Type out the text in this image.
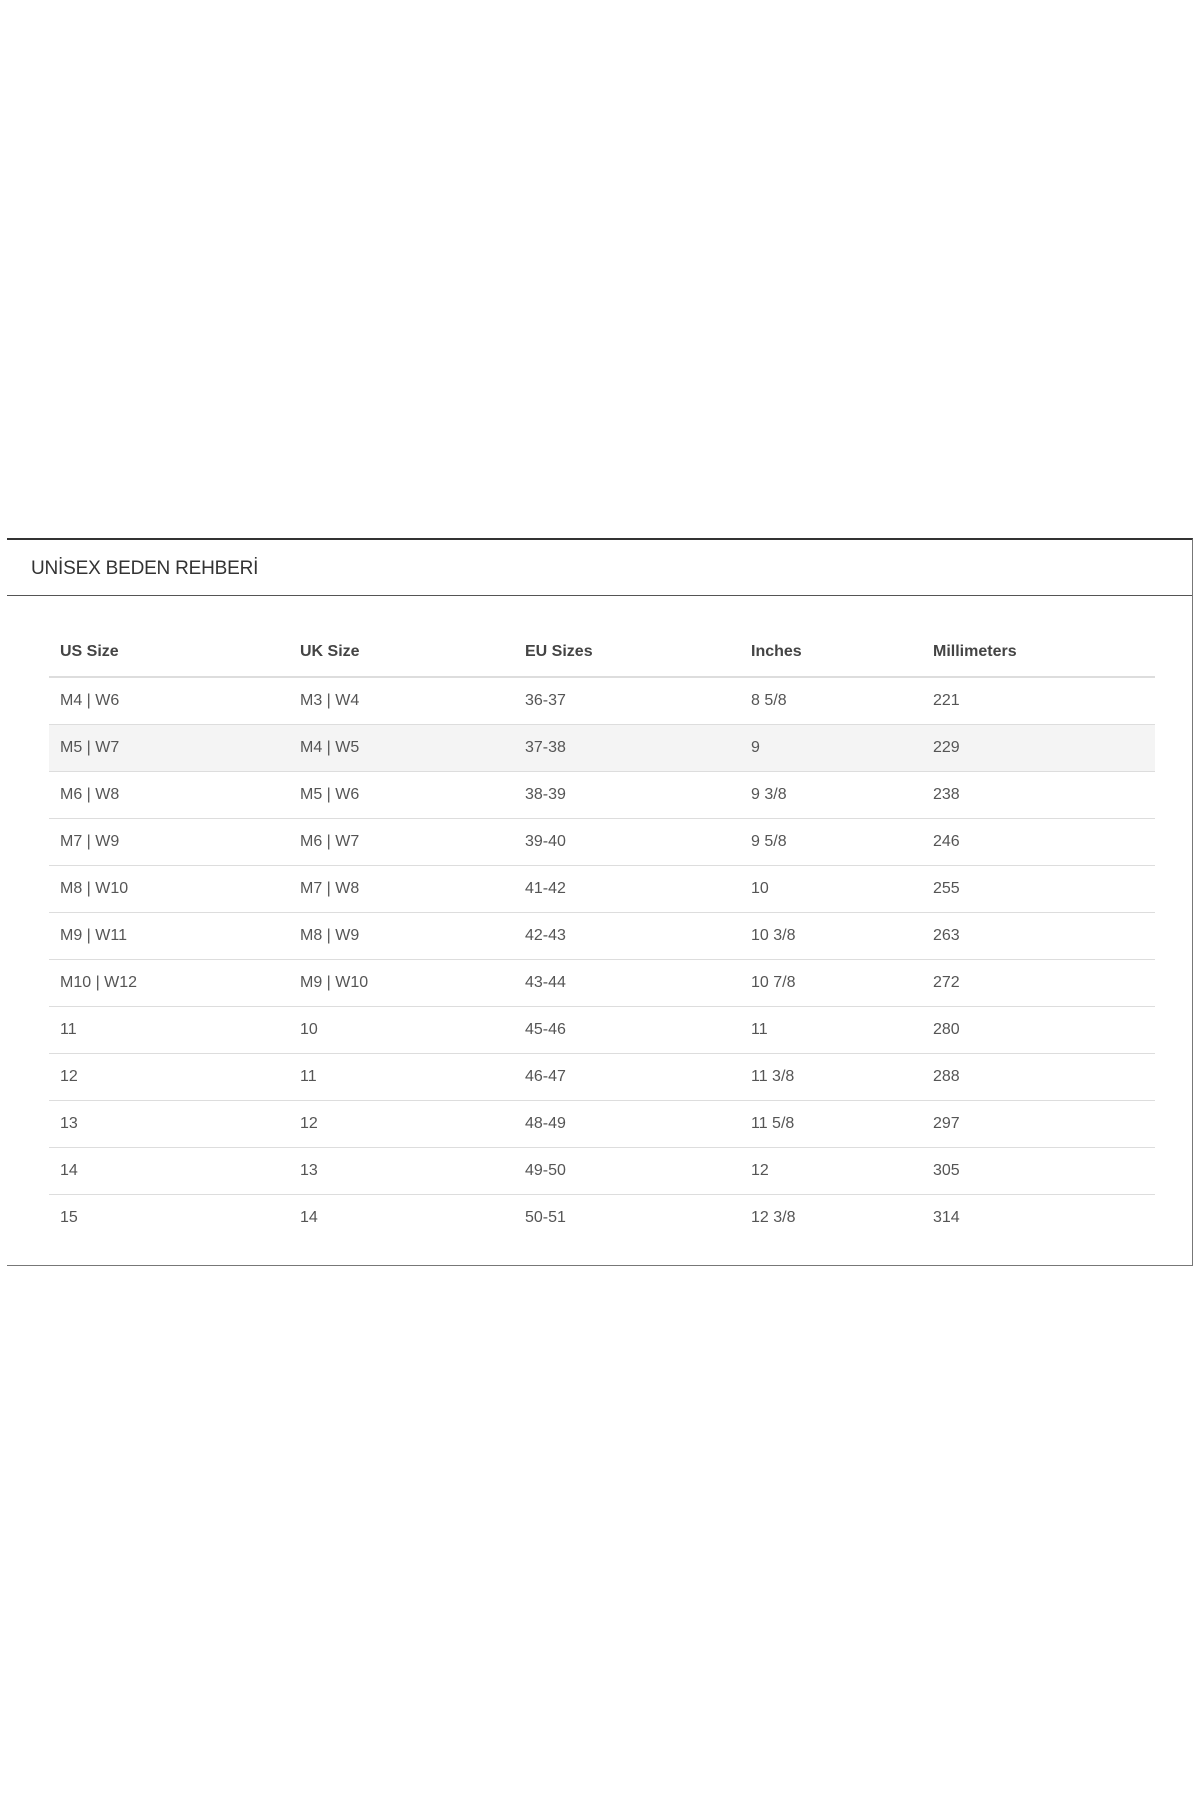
UNİSEX BEDEN REHBERİ
US Size	UK Size	EU Sizes	Inches	Millimeters
M4 | W6	M3 | W4	36-37	8 5/8	221
M5 | W7	M4 | W5	37-38	9	229
M6 | W8	M5 | W6	38-39	9 3/8	238
M7 | W9	M6 | W7	39-40	9 5/8	246
M8 | W10	M7 | W8	41-42	10	255
M9 | W11	M8 | W9	42-43	10 3/8	263
M10 | W12	M9 | W10	43-44	10 7/8	272
11	10	45-46	11	280
12	11	46-47	11 3/8	288
13	12	48-49	11 5/8	297
14	13	49-50	12	305
15	14	50-51	12 3/8	314
